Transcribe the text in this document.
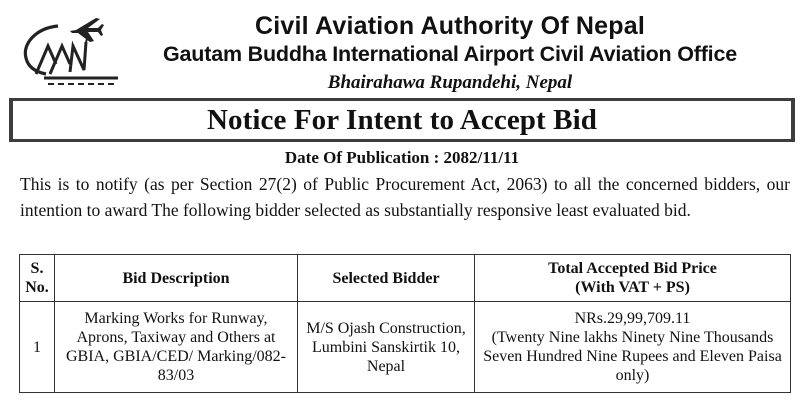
Civil Aviation Authority Of Nepal
Gautam Buddha International Airport Civil Aviation Office
Bhairahawa Rupandehi, Nepal
Notice For Intent to Accept Bid
Date Of Publication : 2082/11/11
This is to notify (as per Section 27(2) of Public Procurement Act, 2063) to all the concerned bidders, our intention to award The following bidder selected as substantially responsive least evaluated bid.
S. No.	Bid Description	Selected Bidder	Total Accepted Bid Price
(With VAT + PS)

1	Marking Works for Runway, Aprons, Taxiway and Others at GBIA, GBIA/CED/ Marking/082-83/03	M/S Ojash Construction, Lumbini Sanskirtik 10, Nepal	NRs.29,99,709.11
(Twenty Nine lakhs Ninety Nine Thousands Seven Hundred Nine Rupees and Eleven Paisa only)
